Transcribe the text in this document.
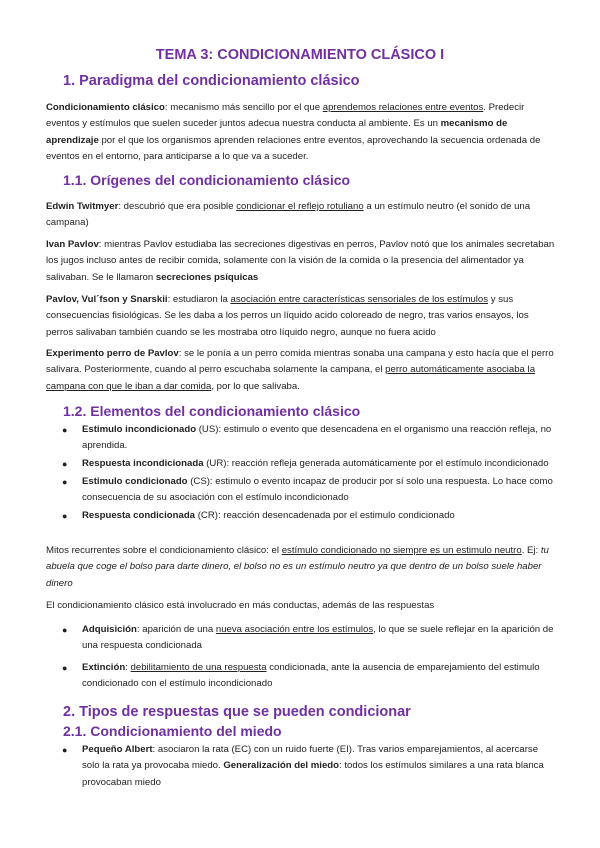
TEMA 3: CONDICIONAMIENTO CLÁSICO I
1. Paradigma del condicionamiento clásico

Condicionamiento clásico: mecanismo más sencillo por el que aprendemos relaciones entre eventos. Predecir eventos y estímulos que suelen suceder juntos adecua nuestra conducta al ambiente. Es un mecanismo de aprendizaje por el que los organismos aprenden relaciones entre eventos, aprovechando la secuencia ordenada de eventos en el entorno, para anticiparse a lo que va a suceder.

1.1. Orígenes del condicionamiento clásico

Edwin Twitmyer: descubrió que era posible condicionar el reflejo rotuliano a un estímulo neutro (el sonido de una campana)

Ivan Pavlov: mientras Pavlov estudiaba las secreciones digestivas en perros, Pavlov notó que los animales secretaban los jugos incluso antes de recibir comida, solamente con la visión de la comida o la presencia del alimentador ya salivaban. Se le llamaron secreciones psíquicas

Pavlov, Vul´fson y Snarskii: estudiaron la asociación entre características sensoriales de los estímulos y sus consecuencias fisiológicas. Se les daba a los perros un líquido acido coloreado de negro, tras varios ensayos, los perros salivaban también cuando se les mostraba otro líquido negro, aunque no fuera acido

Experimento perro de Pavlov: se le ponía a un perro comida mientras sonaba una campana y esto hacía que el perro salivara. Posteriormente, cuando al perro escuchaba solamente la campana, el perro automáticamente asociaba la campana con que le iban a dar comida, por lo que salivaba.

1.2. Elementos del condicionamiento clásico
● Estimulo incondicionado (US): estimulo o evento que desencadena en el organismo una reacción refleja, no aprendida.
● Respuesta incondicionada (UR): reacción refleja generada automáticamente por el estímulo incondicionado
● Estimulo condicionado (CS): estimulo o evento incapaz de producir por sí solo una respuesta. Lo hace como consecuencia de su asociación con el estímulo incondicionado
● Respuesta condicionada (CR): reacción desencadenada por el estimulo condicionado

Mitos recurrentes sobre el condicionamiento clásico: el estímulo condicionado no siempre es un estimulo neutro. Ej: tu abuela que coge el bolso para darte dinero, el bolso no es un estímulo neutro ya que dentro de un bolso suele haber dinero

El condicionamiento clásico está involucrado en más conductas, además de las respuestas

● Adquisición: aparición de una nueva asociación entre los estímulos, lo que se suele reflejar en la aparición de una respuesta condicionada
● Extinción: debilitamiento de una respuesta condicionada, ante la ausencia de emparejamiento del estimulo condicionado con el estímulo incondicionado
2. Tipos de respuestas que se pueden condicionar
2.1. Condicionamiento del miedo
● Pequeño Albert: asociaron la rata (EC) con un ruido fuerte (EI). Tras varios emparejamientos, al acercarse solo la rata ya provocaba miedo. Generalización del miedo: todos los estímulos similares a una rata blanca provocaban miedo
